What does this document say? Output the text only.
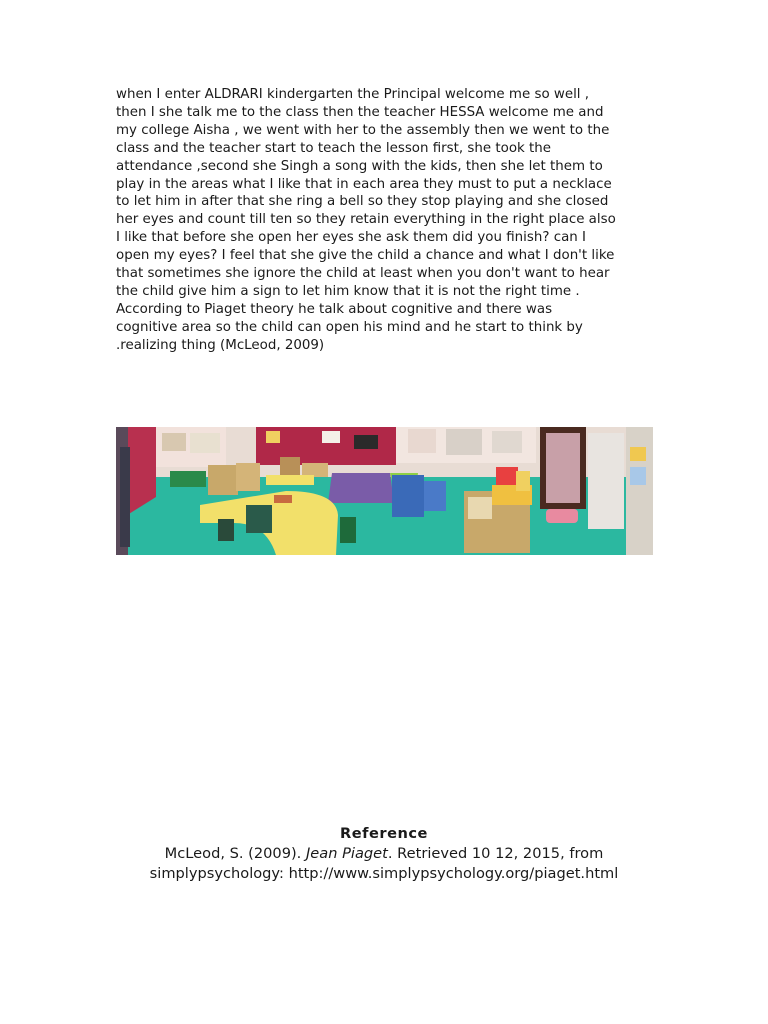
when I enter ALDRARI kindergarten the Principal welcome me so well ,
then I she talk me to the class then the teacher HESSA welcome me and
my college Aisha , we went with her to the assembly then we went to the
class and the teacher start to teach the lesson first, she took the
attendance ,second she Singh a song with the kids, then she let them to
play in the areas what I like that in each area they must to put a necklace
to let him in after that she ring a bell so they stop playing and she closed
her eyes and count till ten so they retain everything in the right place also
I like that before she open her eyes she ask them did you finish? can I
open my eyes? I feel that she give the child a chance and what I don't like
that sometimes she ignore the child at least when you don't want to hear
the child give him a sign to let him know that it is not the right time .
According to Piaget theory he talk about cognitive and there was
cognitive area so the child can open his mind and he start to think by
.realizing thing (McLeod, 2009)
Reference
McLeod, S. (2009). Jean Piaget. Retrieved 10 12, 2015, from
simplypsychology: http://www.simplypsychology.org/piaget.html
